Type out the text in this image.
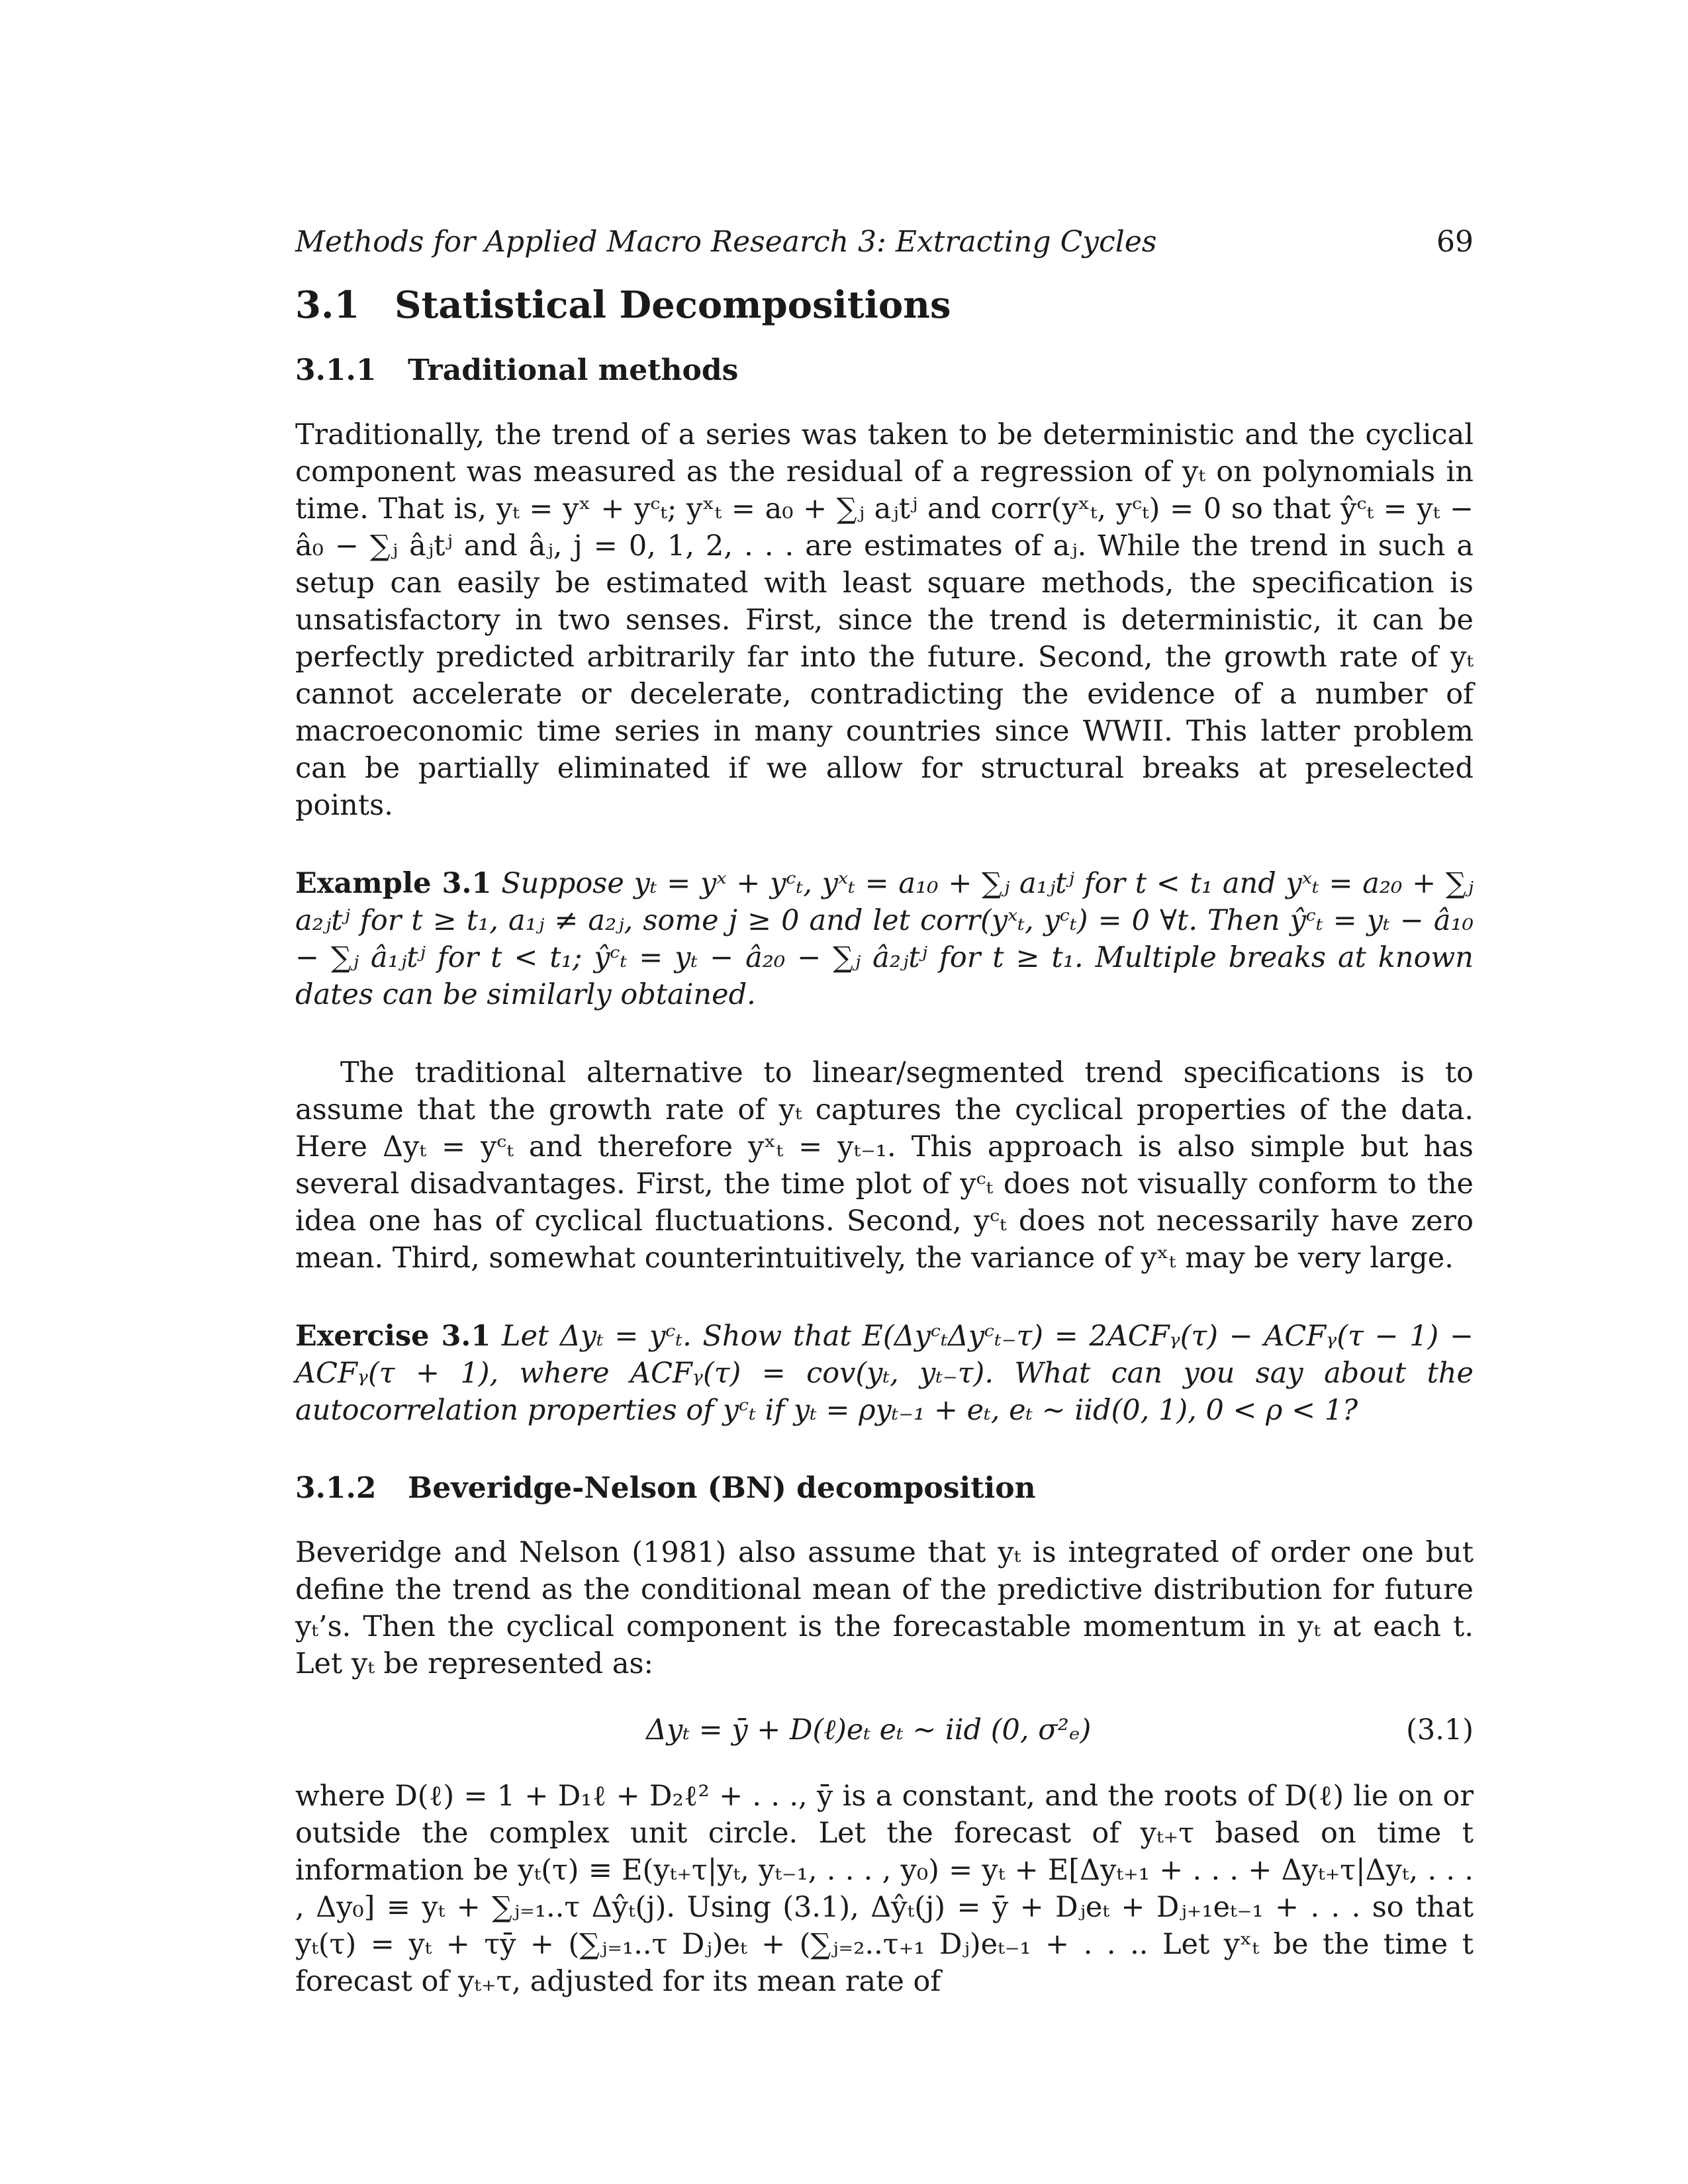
Methods for Applied Macro Research 3: Extracting Cycles	69
3.1 Statistical Decompositions
3.1.1 Traditional methods

Traditionally, the trend of a series was taken to be deterministic and the cyclical component was measured as the residual of a regression of yₜ on polynomials in time. That is, yₜ = yˣ + yᶜₜ; yˣₜ = a₀ + ∑ⱼ aⱼtʲ and corr(yˣₜ, yᶜₜ) = 0 so that ŷᶜₜ = yₜ − â₀ − ∑ⱼ âⱼtʲ and âⱼ, j = 0, 1, 2, . . . are estimates of aⱼ. While the trend in such a setup can easily be estimated with least square methods, the specification is unsatisfactory in two senses. First, since the trend is deterministic, it can be perfectly predicted arbitrarily far into the future. Second, the growth rate of yₜ cannot accelerate or decelerate, contradicting the evidence of a number of macroeconomic time series in many countries since WWII. This latter problem can be partially eliminated if we allow for structural breaks at preselected points.

Example 3.1 Suppose yₜ = yˣ + yᶜₜ, yˣₜ = a₁₀ + ∑ⱼ a₁ⱼtʲ for t < t₁ and yˣₜ = a₂₀ + ∑ⱼ a₂ⱼtʲ for t ≥ t₁, a₁ⱼ ≠ a₂ⱼ, some j ≥ 0 and let corr(yˣₜ, yᶜₜ) = 0 ∀t. Then ŷᶜₜ = yₜ − â₁₀ − ∑ⱼ â₁ⱼtʲ for t < t₁; ŷᶜₜ = yₜ − â₂₀ − ∑ⱼ â₂ⱼtʲ for t ≥ t₁. Multiple breaks at known dates can be similarly obtained.

The traditional alternative to linear/segmented trend specifications is to assume that the growth rate of yₜ captures the cyclical properties of the data. Here Δyₜ = yᶜₜ and therefore yˣₜ = yₜ₋₁. This approach is also simple but has several disadvantages. First, the time plot of yᶜₜ does not visually conform to the idea one has of cyclical fluctuations. Second, yᶜₜ does not necessarily have zero mean. Third, somewhat counterintuitively, the variance of yˣₜ may be very large.

Exercise 3.1 Let Δyₜ = yᶜₜ. Show that E(ΔyᶜₜΔyᶜₜ₋τ) = 2ACFᵧ(τ) − ACFᵧ(τ − 1) − ACFᵧ(τ + 1), where ACFᵧ(τ) = cov(yₜ, yₜ₋τ). What can you say about the autocorrelation properties of yᶜₜ if yₜ = ρyₜ₋₁ + eₜ, eₜ ∼ iid(0, 1), 0 < ρ < 1?

3.1.2 Beveridge-Nelson (BN) decomposition

Beveridge and Nelson (1981) also assume that yₜ is integrated of order one but define the trend as the conditional mean of the predictive distribution for future yₜ’s. Then the cyclical component is the forecastable momentum in yₜ at each t. Let yₜ be represented as:

Δyₜ = ȳ + D(ℓ)eₜ eₜ ∼ iid (0, σ²ₑ)	(3.1)

where D(ℓ) = 1 + D₁ℓ + D₂ℓ² + . . ., ȳ is a constant, and the roots of D(ℓ) lie on or outside the complex unit circle. Let the forecast of yₜ₊τ based on time t information be yₜ(τ) ≡ E(yₜ₊τ|yₜ, yₜ₋₁, . . . , y₀) = yₜ + E[Δyₜ₊₁ + . . . + Δyₜ₊τ|Δyₜ, . . . , Δy₀] ≡ yₜ + ∑ⱼ₌₁..τ Δŷₜ(j). Using (3.1), Δŷₜ(j) = ȳ + Dⱼeₜ + Dⱼ₊₁eₜ₋₁ + . . . so that yₜ(τ) = yₜ + τȳ + (∑ⱼ₌₁..τ Dⱼ)eₜ + (∑ⱼ₌₂..τ₊₁ Dⱼ)eₜ₋₁ + . . .. Let yˣₜ be the time t forecast of yₜ₊τ, adjusted for its mean rate of
